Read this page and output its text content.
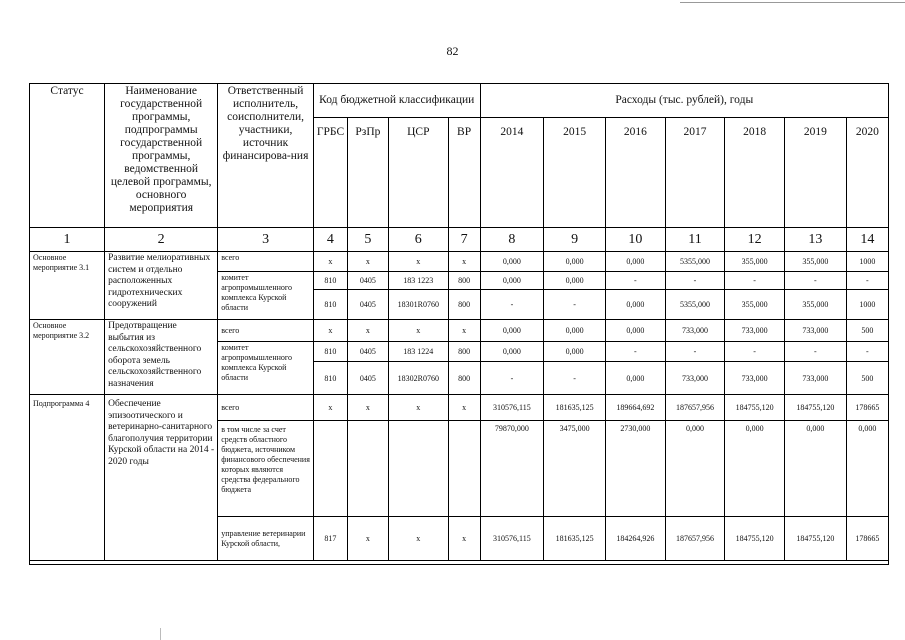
82
Статус	Наименование государственной программы, подпрограммы государственной программы, ведомственной целевой программы, основного мероприятия	Ответственный исполнитель, соисполнители, участники, источник финансирова-ния	Код бюджетной классификации				Расходы (тыс. рублей), годы						
			ГРБС	РзПр	ЦСР	ВР	2014	2015	2016	2017	2018	2019	2020
1	2	3	4	5	6	7	8	9	10	11	12	13	14
Основное мероприятие 3.1	Развитие мелиоративных систем и отдельно расположенных гидротехнических сооружений	всего	х	х	х	х	0,000	0,000	0,000	5355,000	355,000	355,000	1000
		комитет агропромышленного комплекса Курской области	810	0405	183 1223	800	0,000	0,000	-	-	-	-	-
			810	0405	18301R0760	800	-	-	0,000	5355,000	355,000	355,000	1000
Основное мероприятие 3.2	Предотвращение выбытия из сельскохозяйственного оборота земель сельскохозяйственного назначения	всего	х	х	х	х	0,000	0,000	0,000	733,000	733,000	733,000	500
		комитет агропромышленного комплекса Курской области	810	0405	183 1224	800	0,000	0,000	-	-	-	-	-
			810	0405	18302R0760	800	-	-	0,000	733,000	733,000	733,000	500
Подпрограмма 4	Обеспечение эпизоотического и ветеринарно-санитарного благополучия территории Курской области на 2014 - 2020 годы	всего	х	х	х	х	310576,115	181635,125	189664,692	187657,956	184755,120	184755,120	178665
		в том числе за счет средств областного бюджета, источником финансового обеспечения которых являются средства федерального бюджета					79870,000	3475,000	2730,000	0,000	0,000	0,000	0,000
		управление ветеринарии Курской области,	817	х	х	х	310576,115	181635,125	184264,926	187657,956	184755,120	184755,120	178665
